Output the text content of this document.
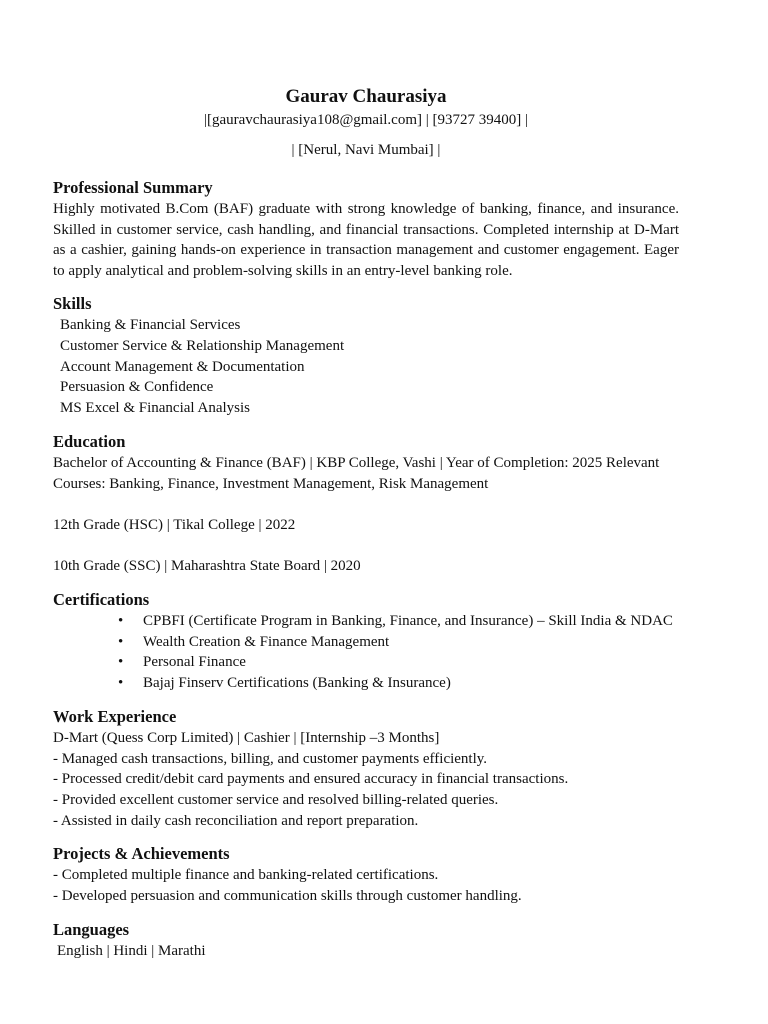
Gaurav Chaurasiya

|[gauravchaurasiya108@gmail.com] | [93727 39400] |

| [Nerul, Navi Mumbai] |

Professional Summary

Highly motivated B.Com (BAF) graduate with strong knowledge of banking, finance, and insurance. Skilled in customer service, cash handling, and financial transactions. Completed internship at D-Mart as a cashier, gaining hands-on experience in transaction management and customer engagement. Eager to apply analytical and problem-solving skills in an entry-level banking role.

Skills
Banking & Financial Services
Customer Service & Relationship Management
Account Management & Documentation
Persuasion & Confidence
MS Excel & Financial Analysis
Education

Bachelor of Accounting & Finance (BAF) | KBP College, Vashi | Year of Completion: 2025 Relevant Courses: Banking, Finance, Investment Management, Risk Management

12th Grade (HSC) | Tikal College | 2022

10th Grade (SSC) | Maharashtra State Board | 2020

Certifications
• CPBFI (Certificate Program in Banking, Finance, and Insurance) – Skill India & NDAC
• Wealth Creation & Finance Management
• Personal Finance
• Bajaj Finserv Certifications (Banking & Insurance)
Work Experience

D-Mart (Quess Corp Limited) | Cashier | [Internship –3 Months]

- Managed cash transactions, billing, and customer payments efficiently.
- Processed credit/debit card payments and ensured accuracy in financial transactions.
- Provided excellent customer service and resolved billing-related queries.
- Assisted in daily cash reconciliation and report preparation.
Projects & Achievements
- Completed multiple finance and banking-related certifications.
- Developed persuasion and communication skills through customer handling.
Languages

English | Hindi | Marathi
